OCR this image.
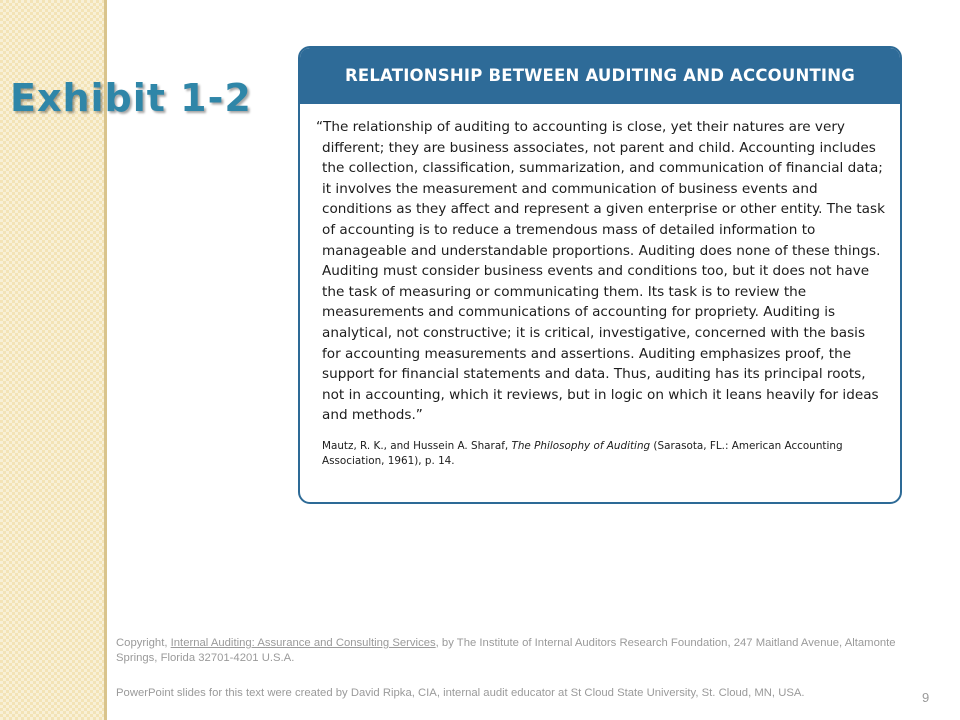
Exhibit 1-2
RELATIONSHIP BETWEEN AUDITING AND ACCOUNTING

“The relationship of auditing to accounting is close, yet their natures are very different; they are business associates, not parent and child. Accounting includes the collection, classification, summarization, and communication of financial data; it involves the measurement and communication of business events and conditions as they affect and represent a given enterprise or other entity. The task of accounting is to reduce a tremendous mass of detailed information to manageable and understandable proportions. Auditing does none of these things. Auditing must consider business events and conditions too, but it does not have the task of measuring or communicating them. Its task is to review the measurements and communications of accounting for propriety. Auditing is analytical, not constructive; it is critical, investigative, concerned with the basis for accounting measurements and assertions. Auditing emphasizes proof, the support for financial statements and data. Thus, auditing has its principal roots, not in accounting, which it reviews, but in logic on which it leans heavily for ideas and methods.”

Mautz, R. K., and Hussein A. Sharaf, The Philosophy of Auditing (Sarasota, FL.: American Accounting Association, 1961), p. 14.

Copyright, Internal Auditing: Assurance and Consulting Services, by The Institute of Internal Auditors Research Foundation, 247 Maitland Avenue, Altamonte Springs, Florida 32701-4201 U.S.A.

PowerPoint slides for this text were created by David Ripka, CIA, internal audit educator at St Cloud State University, St. Cloud, MN, USA.	9
